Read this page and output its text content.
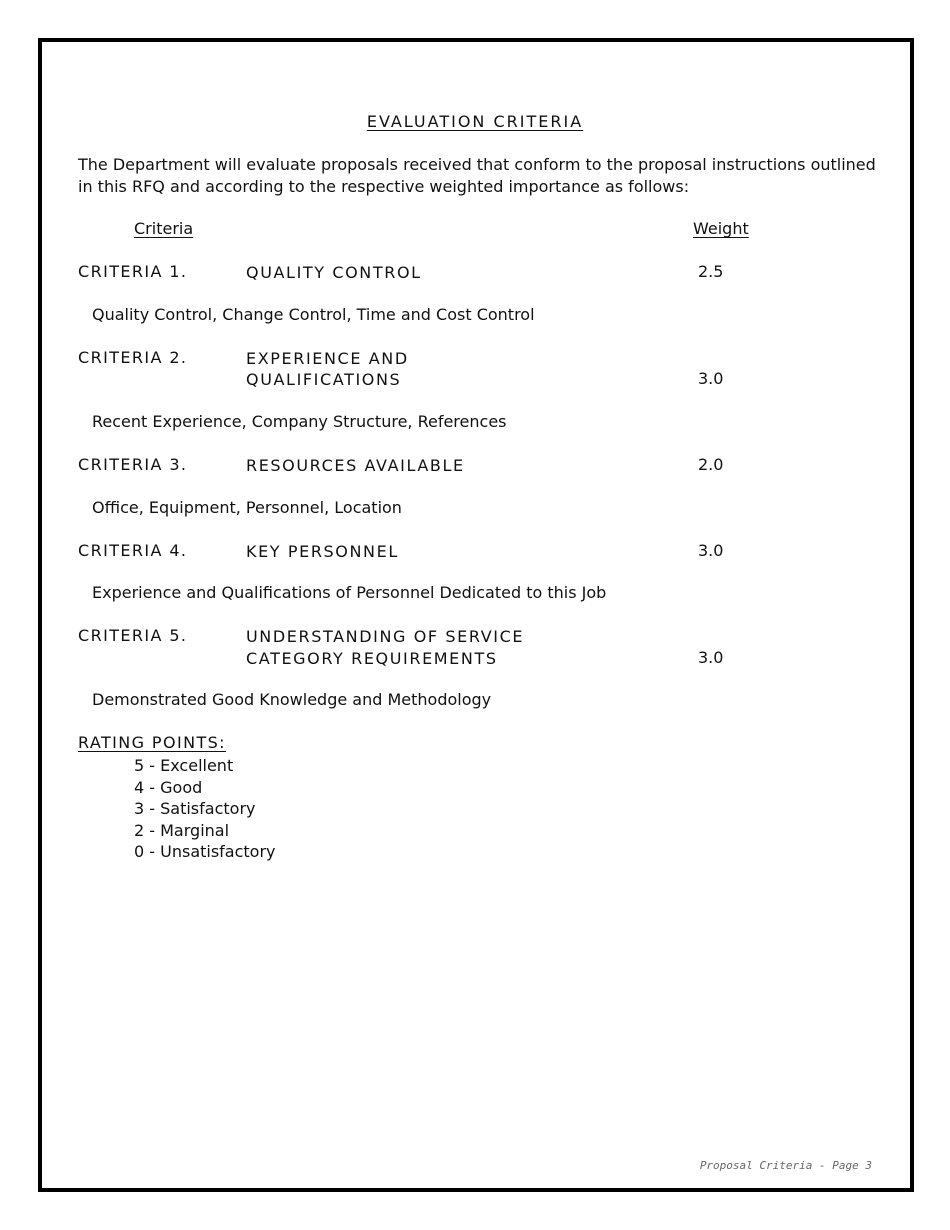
EVALUATION CRITERIA
The Department will evaluate proposals received that conform to the proposal instructions outlined in this RFQ and according to the respective weighted importance as follows:
Criteria	Weight
CRITERIA 1.	QUALITY CONTROL	2.5
Quality Control, Change Control, Time and Cost Control
CRITERIA 2.	EXPERIENCE AND
QUALIFICATIONS	3.0
Recent Experience, Company Structure, References
CRITERIA 3.	RESOURCES AVAILABLE	2.0
Office, Equipment, Personnel, Location
CRITERIA 4.	KEY PERSONNEL	3.0
Experience and Qualifications of Personnel Dedicated to this Job
CRITERIA 5.	UNDERSTANDING OF SERVICE
CATEGORY REQUIREMENTS	3.0
Demonstrated Good Knowledge and Methodology
RATING POINTS:
5 - Excellent
4 - Good
3 - Satisfactory
2 - Marginal
0 - Unsatisfactory
Proposal Criteria - Page 3
